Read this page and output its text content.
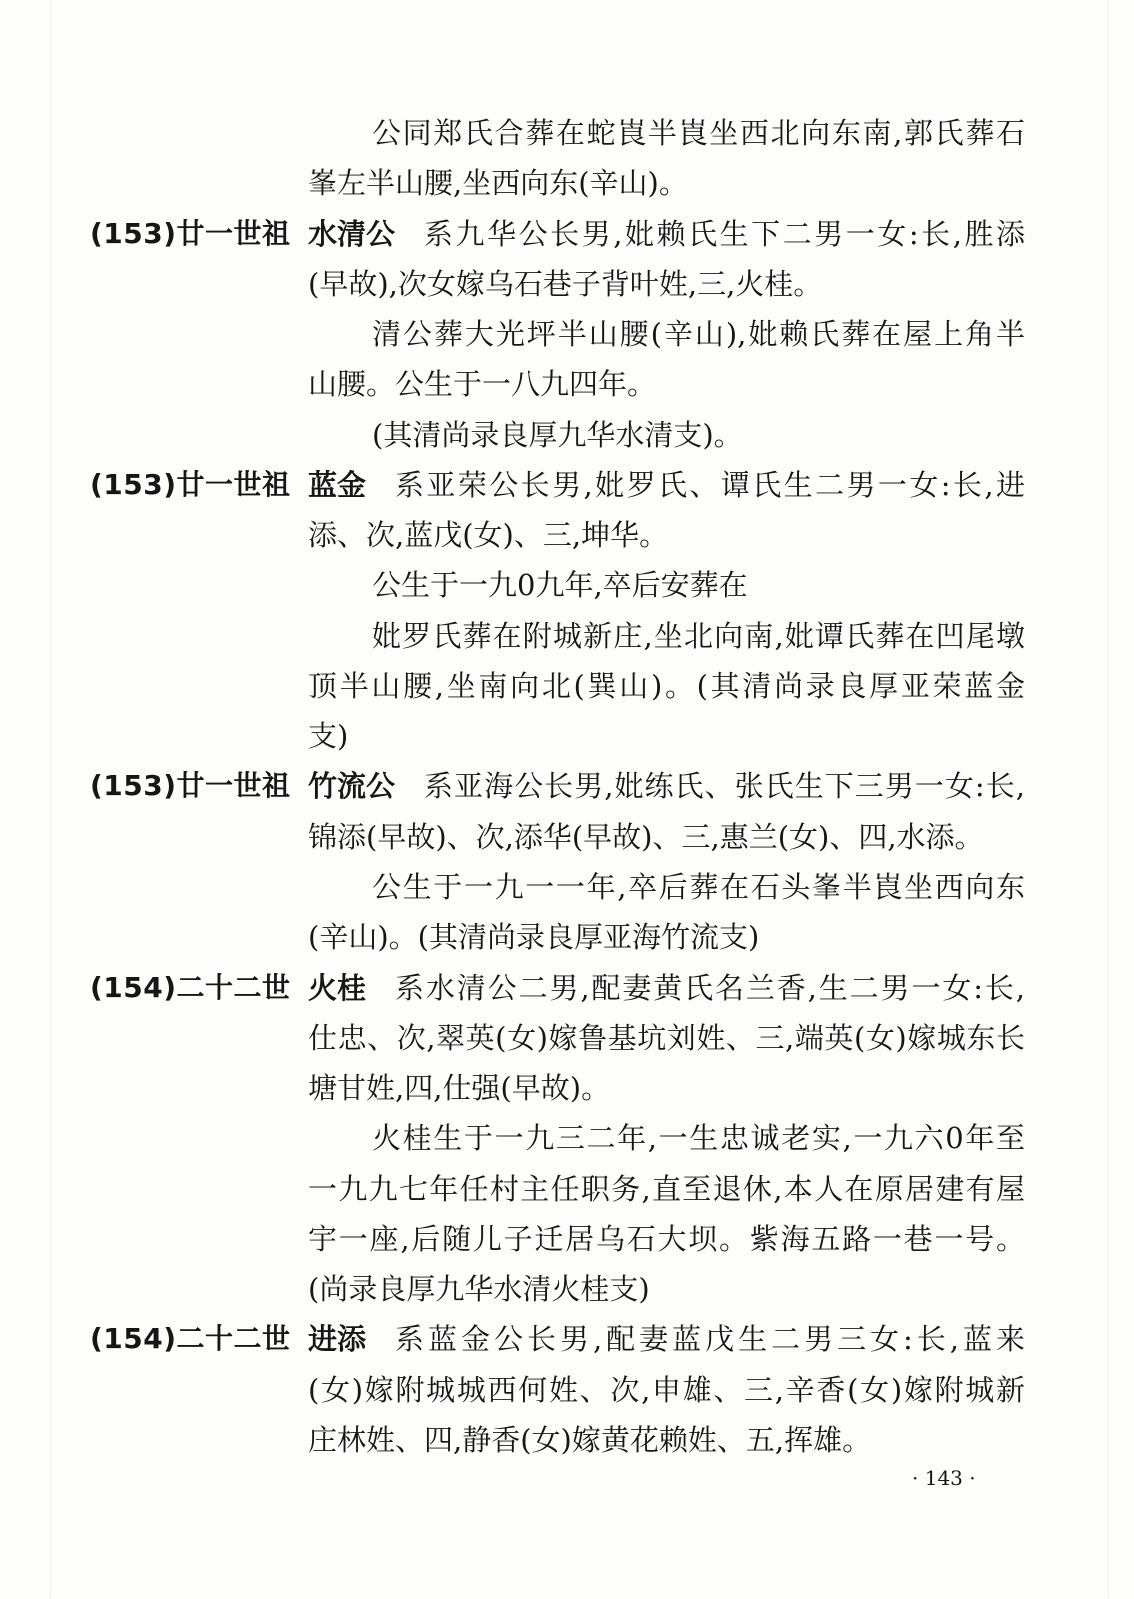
公同郑氏合葬在蛇崀半崀坐西北向东南,郭氏葬石
峯左半山腰,坐西向东(辛山)。
(153)廿一世祖 水清公 系九华公长男,妣赖氏生下二男一女:长,胜添
(早故),次女嫁乌石巷子背叶姓,三,火桂。
清公葬大光坪半山腰(辛山),妣赖氏葬在屋上角半
山腰。公生于一八九四年。
(其清尚录良厚九华水清支)。
(153)廿一世祖 蓝金 系亚荣公长男,妣罗氏、谭氏生二男一女:长,进
添、次,蓝戊(女)、三,坤华。
公生于一九0九年,卒后安葬在
妣罗氏葬在附城新庄,坐北向南,妣谭氏葬在凹尾墩
顶半山腰,坐南向北(巽山)。(其清尚录良厚亚荣蓝金
支)
(153)廿一世祖 竹流公 系亚海公长男,妣练氏、张氏生下三男一女:长,
锦添(早故)、次,添华(早故)、三,惠兰(女)、四,水添。
公生于一九一一年,卒后葬在石头峯半崀坐西向东
(辛山)。(其清尚录良厚亚海竹流支)
(154)二十二世 火桂 系水清公二男,配妻黄氏名兰香,生二男一女:长,
仕忠、次,翠英(女)嫁鲁基坑刘姓、三,端英(女)嫁城东长
塘甘姓,四,仕强(早故)。
火桂生于一九三二年,一生忠诚老实,一九六0年至
一九九七年任村主任职务,直至退休,本人在原居建有屋
宇一座,后随儿子迁居乌石大坝。紫海五路一巷一号。
(尚录良厚九华水清火桂支)
(154)二十二世 进添 系蓝金公长男,配妻蓝戊生二男三女:长,蓝来
(女)嫁附城城西何姓、次,申雄、三,辛香(女)嫁附城新
庄林姓、四,静香(女)嫁黄花赖姓、五,挥雄。
· 143 ·
